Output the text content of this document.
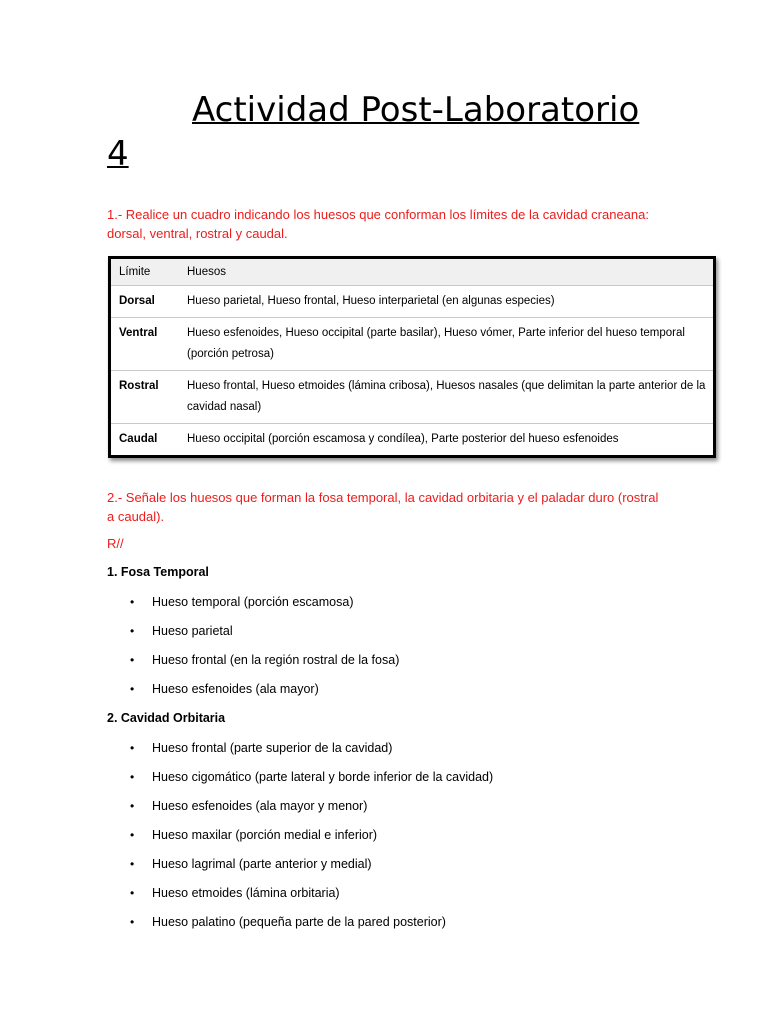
Actividad Post-Laboratorio
4

1.- Realice un cuadro indicando los huesos que conforman los límites de la cavidad craneana: dorsal, ventral, rostral y caudal.

Límite	Huesos
Dorsal	Hueso parietal, Hueso frontal, Hueso interparietal (en algunas especies)
Ventral	Hueso esfenoides, Hueso occipital (parte basilar), Hueso vómer, Parte inferior del hueso temporal (porción petrosa)
Rostral	Hueso frontal, Hueso etmoides (lámina cribosa), Huesos nasales (que delimitan la parte anterior de la cavidad nasal)
Caudal	Hueso occipital (porción escamosa y condílea), Parte posterior del hueso esfenoides

2.- Señale los huesos que forman la fosa temporal, la cavidad orbitaria y el paladar duro (rostral a caudal).

R//
1. Fosa Temporal
• Hueso temporal (porción escamosa)
• Hueso parietal
• Hueso frontal (en la región rostral de la fosa)
• Hueso esfenoides (ala mayor)
2. Cavidad Orbitaria
• Hueso frontal (parte superior de la cavidad)
• Hueso cigomático (parte lateral y borde inferior de la cavidad)
• Hueso esfenoides (ala mayor y menor)
• Hueso maxilar (porción medial e inferior)
• Hueso lagrimal (parte anterior y medial)
• Hueso etmoides (lámina orbitaria)
• Hueso palatino (pequeña parte de la pared posterior)
